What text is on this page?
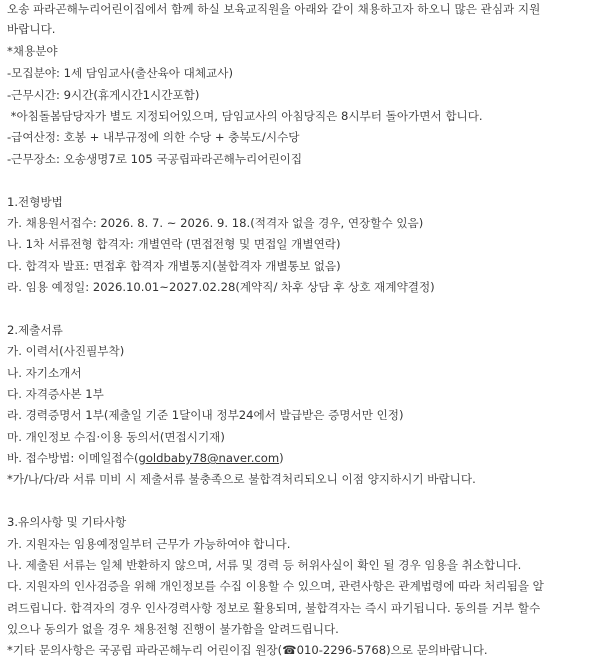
오송 파라곤해누리어린이집에서 함께 하실 보육교직원을 아래와 같이 채용하고자 하오니 많은 관심과 지원
바랍니다.
*채용분야
-모집분야: 1세 담임교사(출산육아 대체교사)
-근무시간: 9시간(휴게시간1시간포함)
*아침돌봄담당자가 별도 지정되어있으며, 담임교사의 아침당직은 8시부터 돌아가면서 합니다.
-급여산정: 호봉 + 내부규정에 의한 수당 + 충북도/시수당
-근무장소: 오송생명7로 105 국공립파라곤해누리어린이집
1.전형방법
가. 채용원서접수: 2026. 8. 7. ~ 2026. 9. 18.(적격자 없을 경우, 연장할수 있음)
나. 1차 서류전형 합격자: 개별연락 (면접전형 및 면접일 개별연락)
다. 합격자 발표: 면접후 합격자 개별통지(불합격자 개별통보 없음)
라. 임용 예정일: 2026.10.01~2027.02.28(계약직/ 차후 상담 후 상호 재계약결정)
2.제출서류
가. 이력서(사진필부착)
나. 자기소개서
다. 자격증사본 1부
라. 경력증명서 1부(제출일 기준 1달이내 정부24에서 발급받은 증명서만 인정)
마. 개인정보 수집·이용 동의서(면접시기재)
바. 접수방법: 이메일접수(goldbaby78@naver.com)
*가/나/다/라 서류 미비 시 제출서류 불충족으로 불합격처리되오니 이점 양지하시기 바랍니다.
3.유의사항 및 기타사항
가. 지원자는 임용예정일부터 근무가 가능하여야 합니다.
나. 제출된 서류는 일체 반환하지 않으며, 서류 및 경력 등 허위사실이 확인 될 경우 임용을 취소합니다.
다. 지원자의 인사검증을 위해 개인정보를 수집 이용할 수 있으며, 관련사항은 관계법령에 따라 처리됨을 알
려드립니다. 합격자의 경우 인사경력사항 정보로 활용되며, 불합격자는 즉시 파기됩니다. 동의를 거부 할수
있으나 동의가 없을 경우 채용전형 진행이 불가함을 알려드립니다.
*기타 문의사항은 국공립 파라곤해누리 어린이집 원장(☎010-2296-5768)으로 문의바랍니다.
